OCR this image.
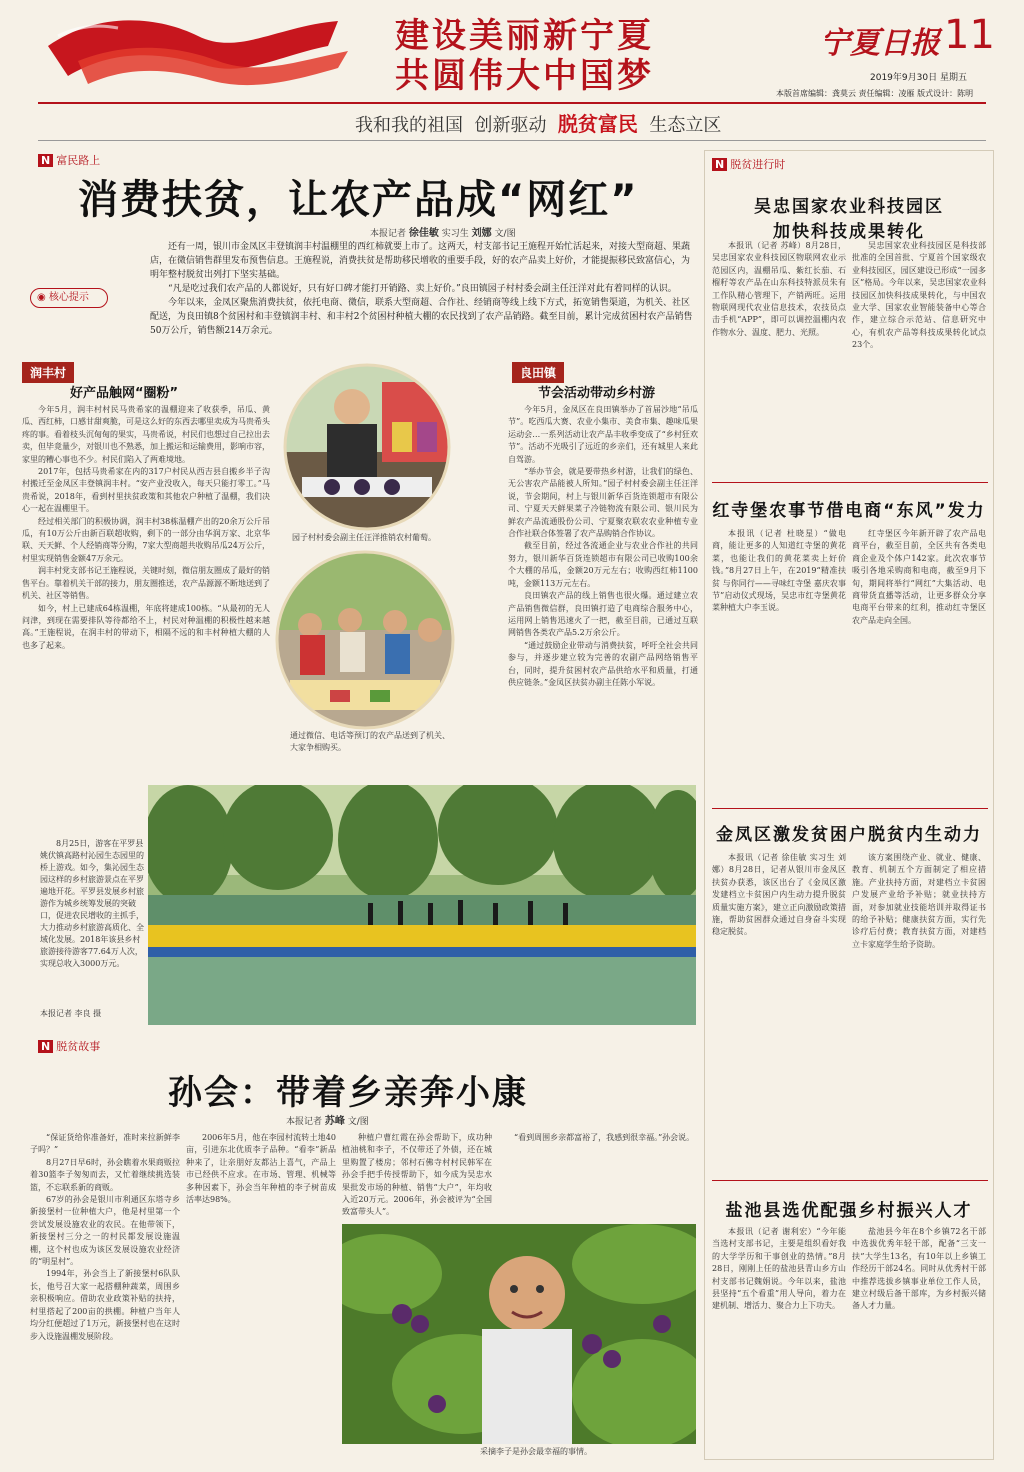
建设美丽新宁夏
共圆伟大中国梦
宁夏日报 11
2019年9月30日 星期五
本版首席编辑：龚莫云 责任编辑：凌雁 版式设计：陈明
我和我的祖国 创新驱动 脱贫富民 生态立区
N 富民路上
消费扶贫，让农产品成“网红”
本报记者 徐佳敏 实习生 刘娜 文/图
◉ 核心提示

还有一周，银川市金凤区丰登镇润丰村温棚里的西红柿就要上市了。这两天，村支部书记王施程开始忙活起来，对接大型商超、果蔬店，在微信销售群里发布预售信息。王施程说，消费扶贫是帮助移民增收的重要手段，好的农产品卖上好价，才能提振移民致富信心，为明年整村脱贫出列打下坚实基础。

“凡是吃过我们农产品的人都说好，只有好口碑才能打开销路、卖上好价。”良田镇园子村村委会副主任汪洋对此有着同样的认识。

今年以来，金凤区聚焦消费扶贫，依托电商、微信，联系大型商超、合作社、经销商等线上线下方式，拓宽销售渠道，为机关、社区配送，为良田镇8个贫困村和丰登镇润丰村、和丰村2个贫困村种植大棚的农民找到了农产品销路。截至目前，累计完成贫困村农产品销售50万公斤，销售额214万余元。

润丰村
好产品触网“圈粉”

今年5月，润丰村村民马贵希家的温棚迎来了收获季，吊瓜、黄瓜、西红柿，口感甘甜爽脆，可是这么好的东西去哪里卖成为马贵希头疼的事。看着枝头沉甸甸的果实，马贵希说，村民们也想过自己拉出去卖，但毕竟量少，对银川也不熟悉，加上搬运和运输费用，影响市容，家里的糟心事也不少。村民们陷入了两难境地。

2017年，包括马贵希家在内的317户村民从西吉县自搬乡半子沟村搬迁至金凤区丰登镇润丰村。“安产业没收入，每天只能打零工。”马贵希说，2018年，看到村里扶贫政策和其他农户种植了温棚，我们决心一起在温棚里干。

经过相关部门的积极协调，润丰村38栋温棚产出的20余万公斤吊瓜，有10万公斤由新百联超收购，剩下的一部分由华润万家、北京华联、天天鲜、个人经销商等分购，7家大型商超共收购吊瓜24万公斤，村里实现销售金额47万余元。

润丰村党支部书记王施程说，关键时刻，微信朋友圈成了最好的销售平台。靠着机关干部的接力，朋友圈推送，农产品源源不断地送到了机关、社区等销售。

如今，村上已建成64栋温棚，年底将建成100栋。“从最初的无人问津，到现在需要排队等待都给不上，村民对种温棚的积极性越来越高。”王施程说，在润丰村的带动下，相隔不远的和丰村种植大棚的人也多了起来。

园子村村委会副主任汪洋推销农村葡萄。
通过微信、电话等预订的农产品送到了机关、大家争相购买。
良田镇
节会活动带动乡村游

今年5月，金凤区在良田镇举办了首届沙地“吊瓜节”。吃西瓜大赛、农业小集市、美食市集、趣味瓜果运动会…一系列活动让农产品丰收季变成了“乡村狂欢节”。活动不光吸引了远近的乡亲们，还有城里人来此自驾游。

“举办节会，就是要带热乡村游，让我们的绿色、无公害农产品能被人所知。”园子村村委会副主任汪洋说，节会期间，村上与银川新华百货连锁超市有限公司、宁夏天天鲜果菜子冷链物流有限公司、银川民为鲜农产品流通股份公司、宁夏聚农联农农业种植专业合作社联合体签署了农产品购销合作协议。

截至目前，经过各流通企业与农业合作社的共同努力，银川新华百货连锁超市有限公司已收购100余个大棚的吊瓜，金额20万元左右；收购西红柿1100吨，金额113万元左右。

良田镇农产品的线上销售也很火爆。通过建立农产品销售微信群，良田镇打造了电商综合服务中心，运用网上销售迅速火了一把，截至目前，已通过互联网销售各类农产品5.2万余公斤。

“通过鼓励企业带动与消费扶贫，呼吁全社会共同参与，并逐步建立较为完善的农副产品网络销售平台，同时，提升贫困村农产品供给水平和质量，打通供应链条。”金凤区扶贫办副主任陈小军说。

8月25日，游客在平罗县姚伏镇高路村沁园生态园里的桥上游戏。如今，集沁园生态园这样的乡村旅游景点在平罗遍地开花。平罗县发展乡村旅游作为城乡统筹发展的突破口，促进农民增收的主抓手，大力推动乡村旅游高质化、全域化发展。2018年该县乡村旅游接待游客77.64万人次，实现总收入3000万元。
本报记者 李良 摄
N 脱贫故事
孙会：带着乡亲奔小康
本报记者 苏峰 文/图

“保证货给你准备好，准时来拉新鲜李子吗？”

8月27日早6时，孙会瞧着水果商贩拉着30篮李子匆匆而去，又忙着继续挑选装篮，不忘联系新的商贩。

67岁的孙会是银川市利通区东塔寺乡新接堡村一位种植大户，他是村里第一个尝试发展设施农业的农民。在他带领下，新接堡村三分之一的村民都发展设施温棚，这个村也成为该区发展设施农业经济的“明星村”。

1994年，孙会当上了新接堡村6队队长，他号召大家一起搭棚种蔬菜，周围乡亲积极响应。借助农业政策补贴的扶持，村里搭起了200亩的拱棚。种植户当年人均分红便超过了1万元，新接堡村也在这时步入设施温棚发展阶段。

2006年5月，他在李园村流转土地40亩，引进东北优质李子品种。“看李”新品种来了，让亲朋好友都沾上喜气，产品上市已经供不应求。在市场、管理、机械等多种因素下，孙会当年种植的李子树苗成活率达98%。

种植户曹红霞在孙会帮助下，成功种植油桃和李子，不仅带还了外债，还在城里购置了楼房；邻村石佛寺村村民韩军在孙会手把手传授帮助下，如今成为吴忠水果批发市场的种植、销售“大户”，年均收入近20万元。2006年，孙会被评为“全国致富带头人”。

“看到周围乡亲都富裕了，我感到很幸福。”孙会说。

采摘李子是孙会最幸福的事情。
N 脱贫进行时
吴忠国家农业科技园区
加快科技成果转化

本报讯（记者 苏峰）8月28日，吴忠国家农业科技园区物联网农业示范园区内，温棚吊瓜、紫红长茄、石榴籽等农产品在山东科技特派员朱有工作队精心管理下，产销两旺。运用物联网现代农业信息技术，农技员点击手机“APP”，即可以调控温棚内农作物水分、温度、肥力、光照。

吴忠国家农业科技园区是科技部批准的全国首批、宁夏首个国家级农业科技园区，园区建设已形成“一园多区”格局。今年以来，吴忠国家农业科技园区加快科技成果转化，与中国农业大学、国家农业智能装备中心等合作，建立综合示范站、信息研究中心，有机农产品等科技成果转化试点23个。

红寺堡农事节借电商“东风”发力

本报讯（记者 杜晓星）“做电商，能让更多的人知道红寺堡的黄花菜，也能让我们的黄花菜卖上好价钱。”8月27日上午，在2019“精准扶贫 与你同行——寻味红寺堡 嘉庆农事节”启动仪式现场，吴忠市红寺堡黄花菜种植大户李玉说。

红寺堡区今年新开辟了农产品电商平台，截至目前，全区共有各类电商企业及个体户142家。此次农事节吸引各地采购商和电商，截至9月下旬，期间将举行“网红”大集活动、电商带货直播等活动，让更多群众分享电商平台带来的红利，推动红寺堡区农产品走向全国。

金凤区激发贫困户脱贫内生动力

本报讯（记者 徐佳敏 实习生 刘娜）8月28日，记者从银川市金凤区扶贫办获悉，该区出台了《金凤区激发建档立卡贫困户内生动力提升脱贫质量实施方案》，建立正向激励政策措施，帮助贫困群众通过自身奋斗实现稳定脱贫。

该方案围绕产业、就业、健康、教育、机制五个方面制定了相应措施。产业扶持方面，对建档立卡贫困户发展产业给予补贴；就业扶持方面，对参加就业技能培训并取得证书的给予补贴；健康扶贫方面，实行先诊疗后付费；教育扶贫方面，对建档立卡家庭学生给予资助。

盐池县选优配强乡村振兴人才

本报讯（记者 谢利宏）“今年能当选村支部书记，主要是组织看好我的大学学历和干事创业的热情。”8月28日，刚刚上任的盐池县青山乡方山村支部书记魏娟说。今年以来，盐池县坚持“五个看重”用人导向，着力在建机制、增活力、聚合力上下功夫。

盐池县今年在8个乡镇72名干部中选拔优秀年轻干部，配备“三支一扶”大学生13名，有10年以上乡镇工作经历干部24名。同时从优秀村干部中推荐选拔乡镇事业单位工作人员，建立村级后备干部库，为乡村振兴储备人才力量。
